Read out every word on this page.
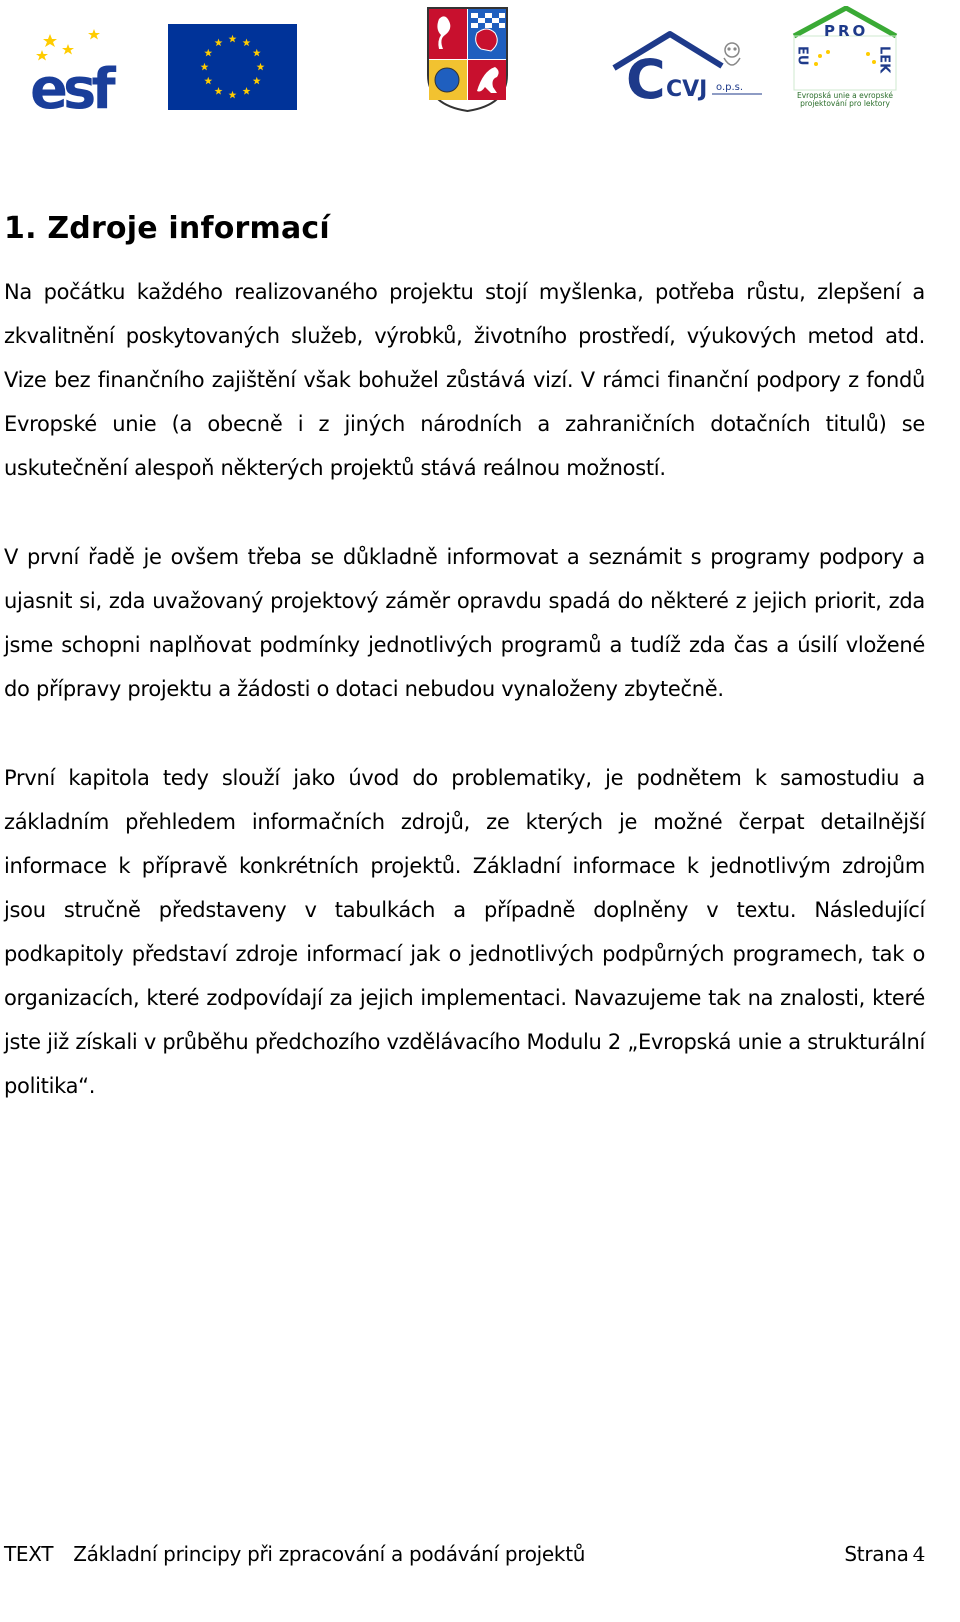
esf	C CVJ o.p.s.
PRO
EU	LEK
Evropská unie a evropské
projektování pro lektory
1. Zdroje informací

Na počátku každého realizovaného projektu stojí myšlenka, potřeba růstu, zlepšení a zkvalitnění poskytovaných služeb, výrobků, životního prostředí, výukových metod atd. Vize bez finančního zajištění však bohužel zůstává vizí. V rámci finanční podpory z fondů Evropské unie (a obecně i z jiných národních a zahraničních dotačních titulů) se uskutečnění alespoň některých projektů stává reálnou možností.

V první řadě je ovšem třeba se důkladně informovat a seznámit s programy podpory a ujasnit si, zda uvažovaný projektový záměr opravdu spadá do některé z jejich priorit, zda jsme schopni naplňovat podmínky jednotlivých programů a tudíž zda čas a úsilí vložené do přípravy projektu a žádosti o dotaci nebudou vynaloženy zbytečně.

První kapitola tedy slouží jako úvod do problematiky, je podnětem k samostudiu a základním přehledem informačních zdrojů, ze kterých je možné čerpat detailnější informace k přípravě konkrétních projektů. Základní informace k jednotlivým zdrojům jsou stručně představeny v tabulkách a případně doplněny v textu. Následující podkapitoly představí zdroje informací jak o jednotlivých podpůrných programech, tak o organizacích, které zodpovídají za jejich implementaci. Navazujeme tak na znalosti, které jste již získali v průběhu předchozího vzdělávacího Modulu 2 „Evropská unie a strukturální politika“.

TEXT Základní principy při zpracování a podávání projektů	Strana 4
